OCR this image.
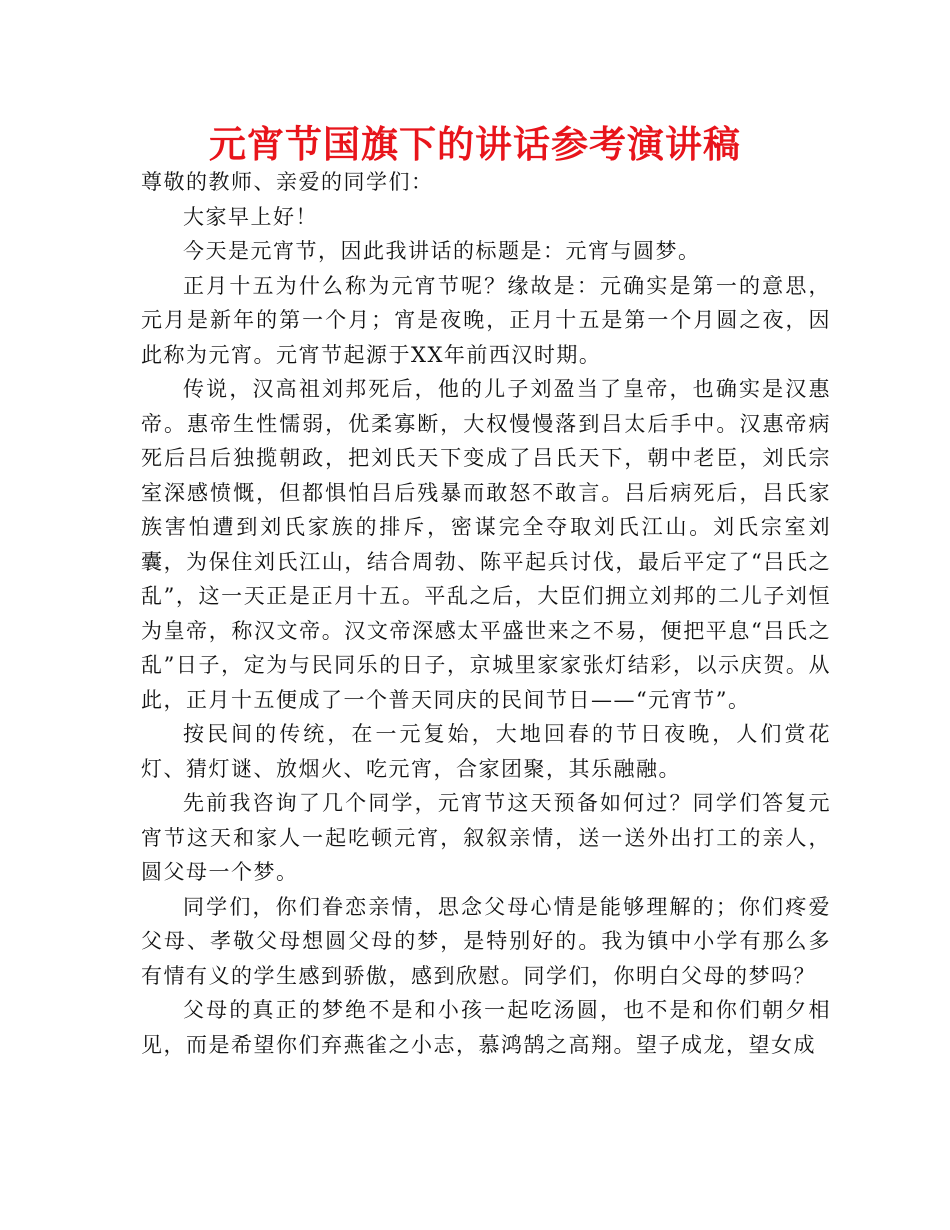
元宵节国旗下的讲话参考演讲稿

尊敬的教师、亲爱的同学们：

大家早上好！

今天是元宵节，因此我讲话的标题是：元宵与圆梦。

正月十五为什么称为元宵节呢？缘故是：元确实是第一的意思，元月是新年的第一个月；宵是夜晚，正月十五是第一个月圆之夜，因此称为元宵。元宵节起源于XX年前西汉时期。

传说，汉高祖刘邦死后，他的儿子刘盈当了皇帝，也确实是汉惠帝。惠帝生性懦弱，优柔寡断，大权慢慢落到吕太后手中。汉惠帝病死后吕后独揽朝政，把刘氏天下变成了吕氏天下，朝中老臣，刘氏宗室深感愤慨，但都惧怕吕后残暴而敢怒不敢言。吕后病死后，吕氏家族害怕遭到刘氏家族的排斥，密谋完全夺取刘氏江山。刘氏宗室刘囊，为保住刘氏江山，结合周勃、陈平起兵讨伐，最后平定了“吕氏之乱”，这一天正是正月十五。平乱之后，大臣们拥立刘邦的二儿子刘恒为皇帝，称汉文帝。汉文帝深感太平盛世来之不易，便把平息“吕氏之乱”日子，定为与民同乐的日子，京城里家家张灯结彩，以示庆贺。从此，正月十五便成了一个普天同庆的民间节日——“元宵节”。

按民间的传统，在一元复始，大地回春的节日夜晚，人们赏花灯、猜灯谜、放烟火、吃元宵，合家团聚，其乐融融。

先前我咨询了几个同学，元宵节这天预备如何过？同学们答复元宵节这天和家人一起吃顿元宵，叙叙亲情，送一送外出打工的亲人，圆父母一个梦。

同学们，你们眷恋亲情，思念父母心情是能够理解的；你们疼爱父母、孝敬父母想圆父母的梦，是特别好的。我为镇中小学有那么多有情有义的学生感到骄傲，感到欣慰。同学们，你明白父母的梦吗？

父母的真正的梦绝不是和小孩一起吃汤圆，也不是和你们朝夕相见，而是希望你们弃燕雀之小志，慕鸿鹄之高翔。望子成龙，望女成
